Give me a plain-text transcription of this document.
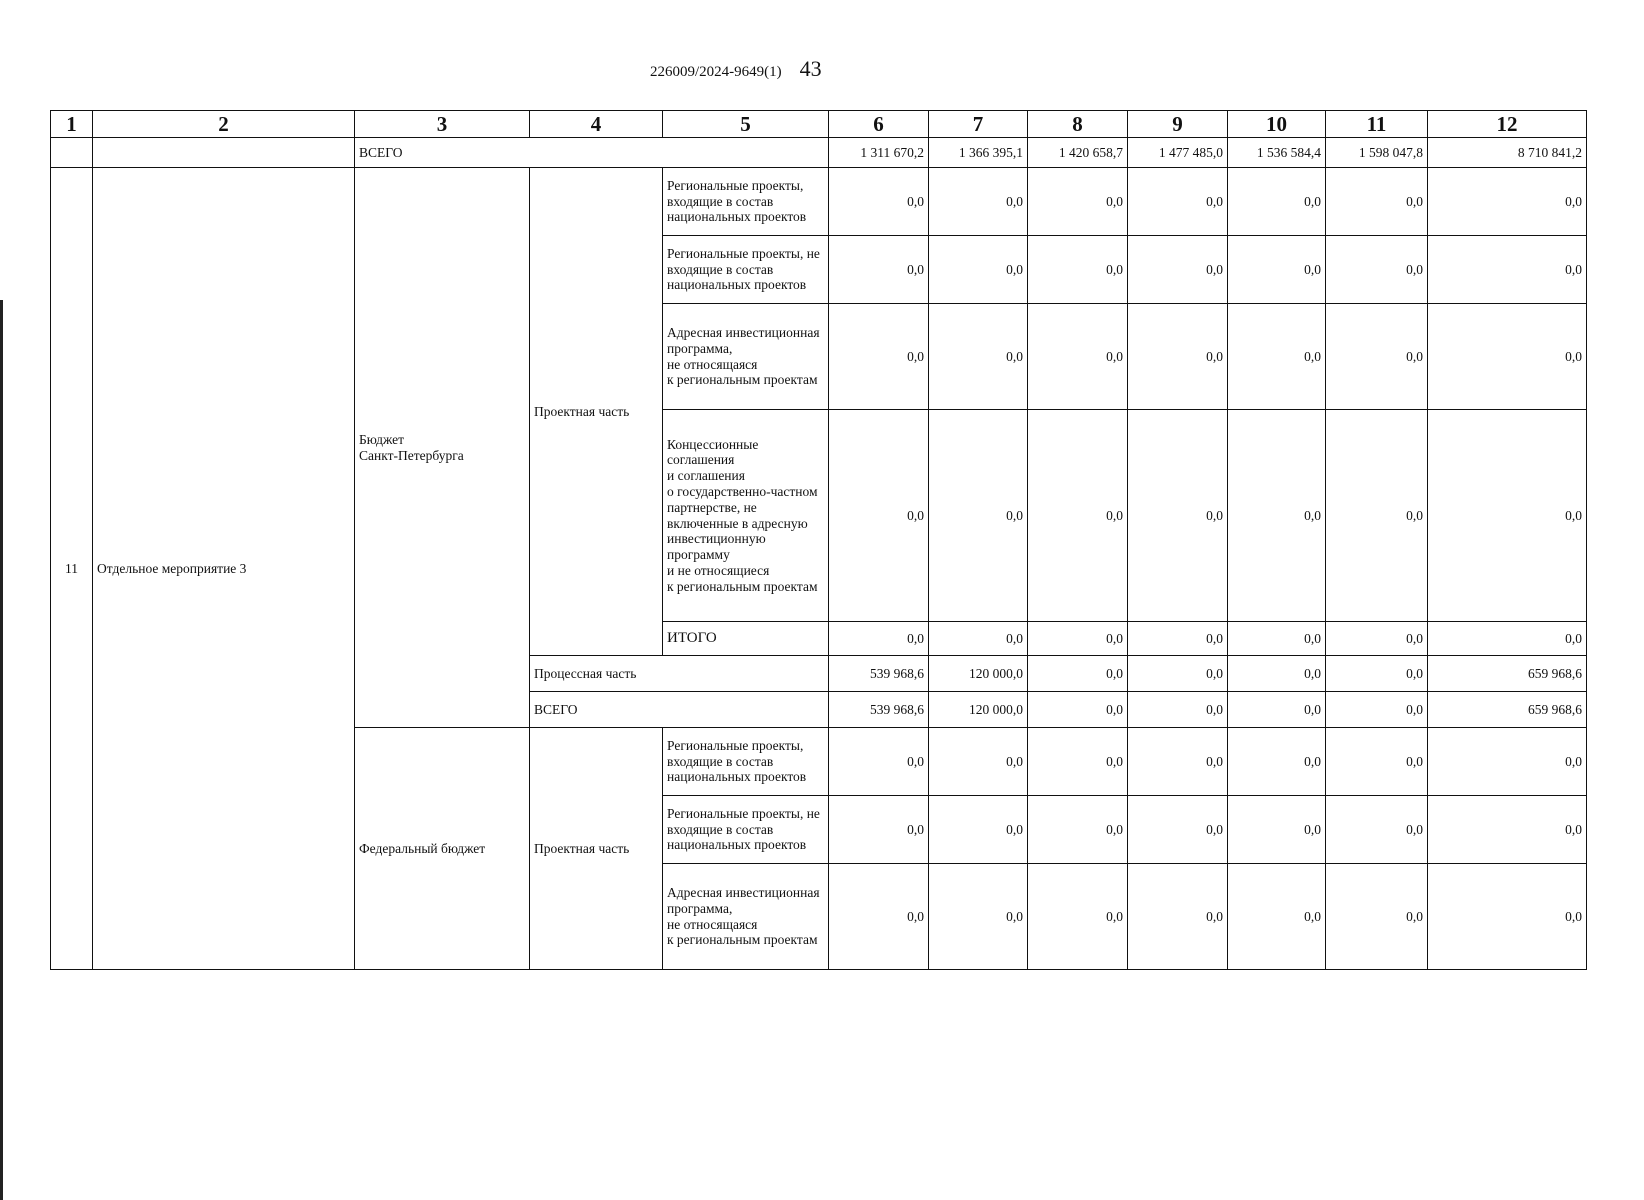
226009/2024-9649(1) 43
1	2	3	4	5	6	7	8	9	10	11	12
		ВСЕГО			1 311 670,2	1 366 395,1	1 420 658,7	1 477 485,0	1 536 584,4	1 598 047,8	8 710 841,2
11	Отдельное мероприятие 3	Бюджет
Санкт-Петербурга	Проектная часть	Региональные проекты, входящие в состав национальных проектов	0,0	0,0	0,0	0,0	0,0	0,0	0,0
				Региональные проекты, не входящие в состав национальных проектов	0,0	0,0	0,0	0,0	0,0	0,0	0,0
				Адресная инвестиционная программа,
не относящаяся
к региональным проектам	0,0	0,0	0,0	0,0	0,0	0,0	0,0
				Концессионные соглашения
и соглашения
о государственно-частном партнерстве, не включенные в адресную инвестиционную программу
и не относящиеся
к региональным проектам	0,0	0,0	0,0	0,0	0,0	0,0	0,0
				ИТОГО	0,0	0,0	0,0	0,0	0,0	0,0	0,0
			Процессная часть		539 968,6	120 000,0	0,0	0,0	0,0	0,0	659 968,6
			ВСЕГО		539 968,6	120 000,0	0,0	0,0	0,0	0,0	659 968,6
		Федеральный бюджет	Проектная часть	Региональные проекты, входящие в состав национальных проектов	0,0	0,0	0,0	0,0	0,0	0,0	0,0
				Региональные проекты, не входящие в состав национальных проектов	0,0	0,0	0,0	0,0	0,0	0,0	0,0
				Адресная инвестиционная программа,
не относящаяся
к региональным проектам	0,0	0,0	0,0	0,0	0,0	0,0	0,0
